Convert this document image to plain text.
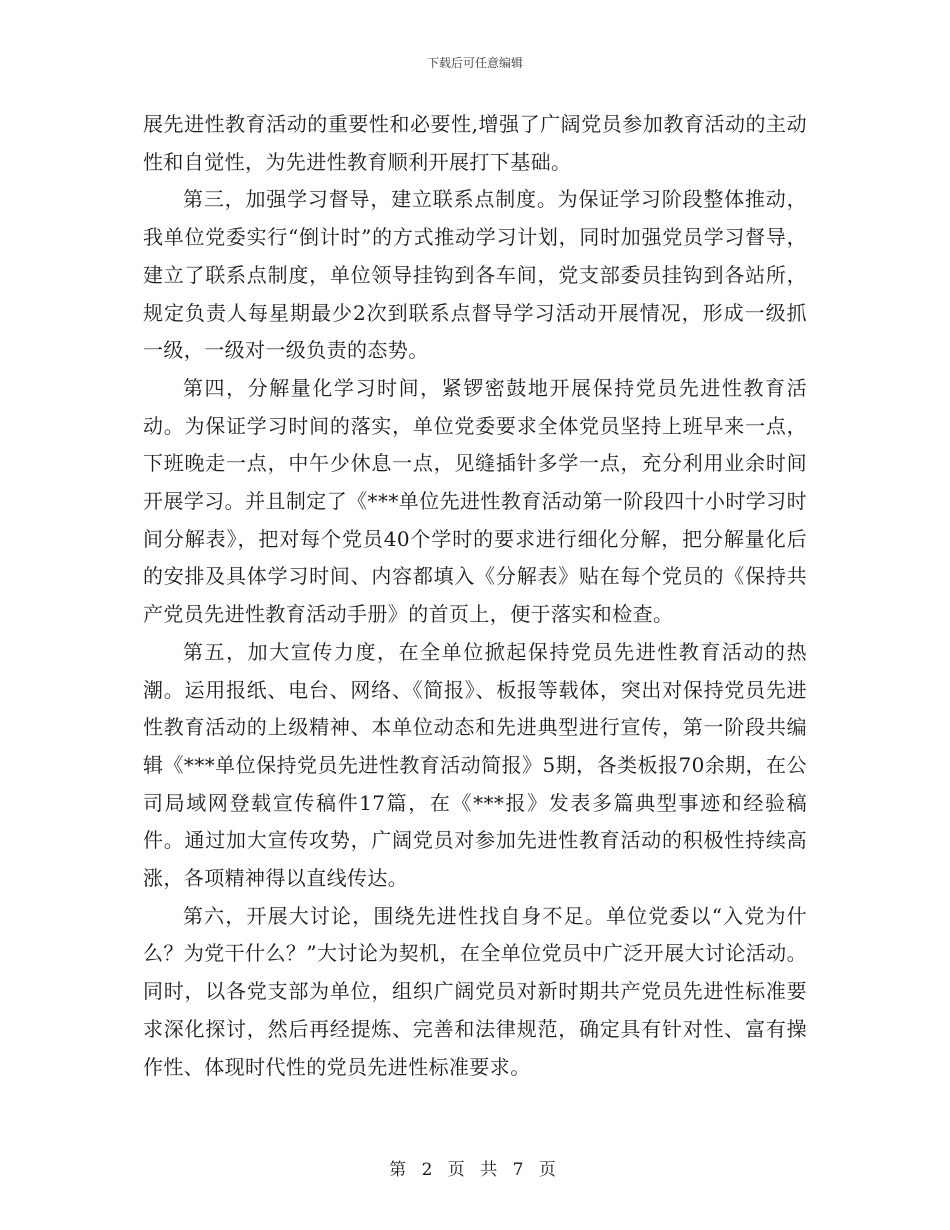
下载后可任意编辑

展先进性教育活动的重要性和必要性,增强了广阔党员参加教育活动的主动性和自觉性，为先进性教育顺利开展打下基础。

第三，加强学习督导，建立联系点制度。为保证学习阶段整体推动，我单位党委实行“倒计时”的方式推动学习计划，同时加强党员学习督导，建立了联系点制度，单位领导挂钩到各车间，党支部委员挂钩到各站所，规定负责人每星期最少2次到联系点督导学习活动开展情况，形成一级抓一级，一级对一级负责的态势。

第四，分解量化学习时间，紧锣密鼓地开展保持党员先进性教育活动。为保证学习时间的落实，单位党委要求全体党员坚持上班早来一点，下班晚走一点，中午少休息一点，见缝插针多学一点，充分利用业余时间开展学习。并且制定了《***单位先进性教育活动第一阶段四十小时学习时间分解表》，把对每个党员40个学时的要求进行细化分解，把分解量化后的安排及具体学习时间、内容都填入《分解表》贴在每个党员的《保持共产党员先进性教育活动手册》的首页上，便于落实和检查。

第五，加大宣传力度，在全单位掀起保持党员先进性教育活动的热潮。运用报纸、电台、网络、《简报》、板报等载体，突出对保持党员先进性教育活动的上级精神、本单位动态和先进典型进行宣传，第一阶段共编辑《***单位保持党员先进性教育活动简报》5期，各类板报70余期，在公司局域网登载宣传稿件17篇，在《***报》发表多篇典型事迹和经验稿件。通过加大宣传攻势，广阔党员对参加先进性教育活动的积极性持续高涨，各项精神得以直线传达。

第六，开展大讨论，围绕先进性找自身不足。单位党委以“入党为什么？为党干什么？”大讨论为契机，在全单位党员中广泛开展大讨论活动。同时，以各党支部为单位，组织广阔党员对新时期共产党员先进性标准要求深化探讨，然后再经提炼、完善和法律规范，确定具有针对性、富有操作性、体现时代性的党员先进性标准要求。

第 2 页 共 7 页
